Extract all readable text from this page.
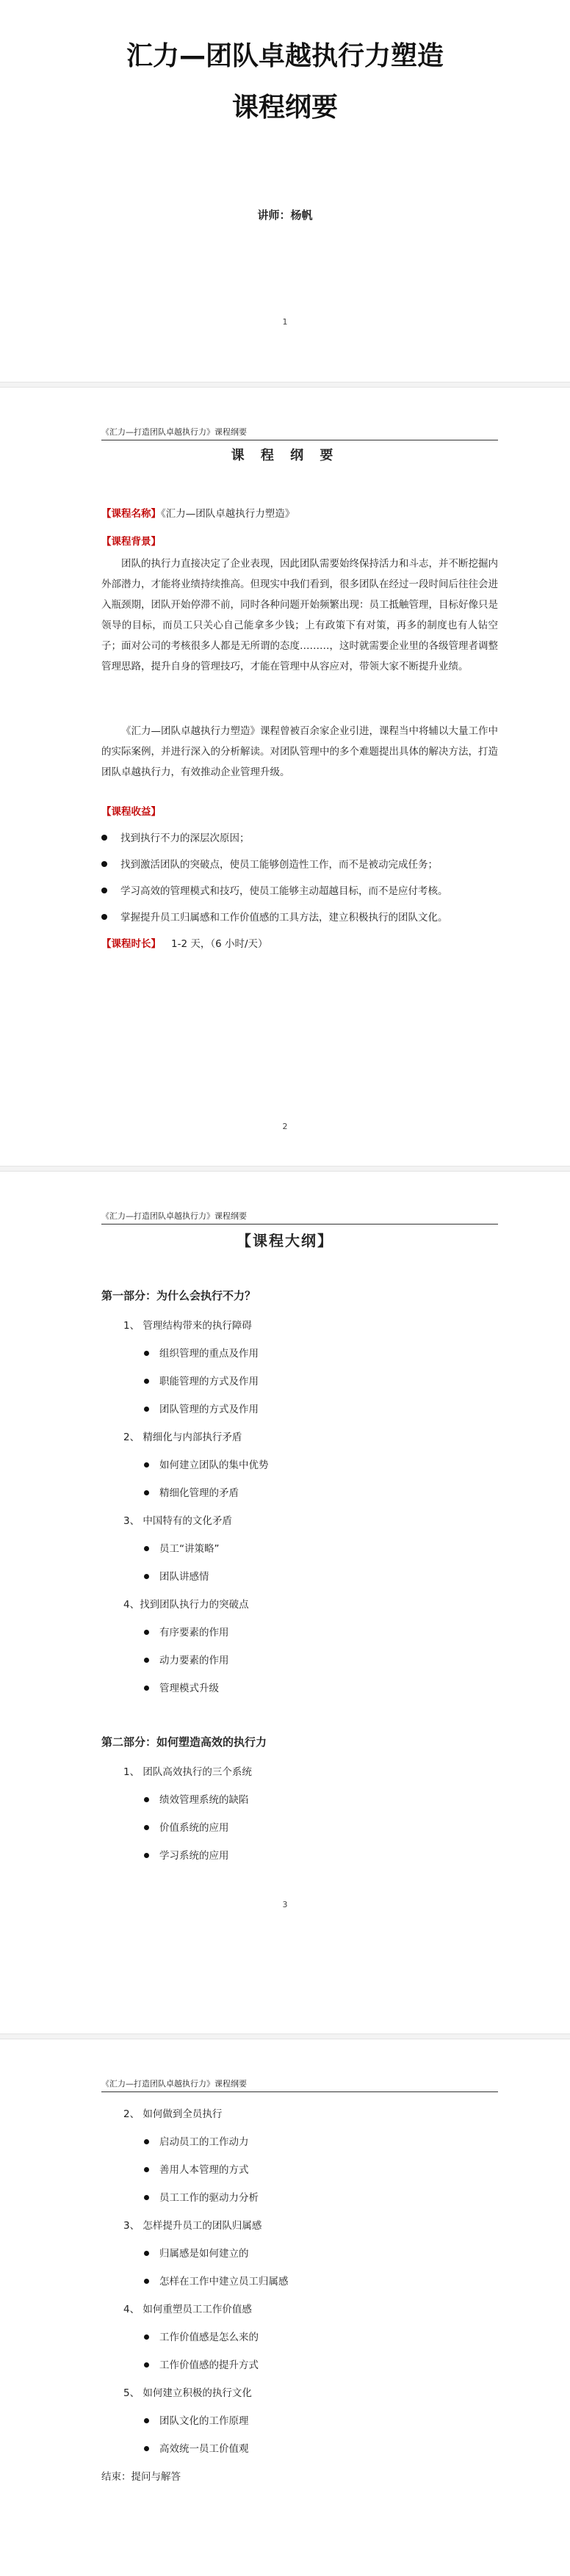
汇力—团队卓越执行力塑造
课程纲要
讲师：杨帆
1
《汇力—打造团队卓越执行力》课程纲要
课 程 纲 要
【课程名称】《汇力—团队卓越执行力塑造》
【课程背景】
团队的执行力直接决定了企业表现，因此团队需要始终保持活力和斗志，并不断挖掘内外部潜力，才能将业绩持续推高。但现实中我们看到，很多团队在经过一段时间后往往会进入瓶颈期，团队开始停滞不前，同时各种问题开始频繁出现：员工抵触管理，目标好像只是领导的目标，而员工只关心自己能拿多少钱；上有政策下有对策，再多的制度也有人钻空子；面对公司的考核很多人都是无所谓的态度………，这时就需要企业里的各级管理者调整管理思路，提升自身的管理技巧，才能在管理中从容应对，带领大家不断提升业绩。
《汇力—团队卓越执行力塑造》课程曾被百余家企业引进，课程当中将辅以大量工作中的实际案例，并进行深入的分析解读。对团队管理中的多个难题提出具体的解决方法，打造团队卓越执行力，有效推动企业管理升级。
【课程收益】
找到执行不力的深层次原因；
找到激活团队的突破点，使员工能够创造性工作，而不是被动完成任务；
学习高效的管理模式和技巧，使员工能够主动超越目标，而不是应付考核。
掌握提升员工归属感和工作价值感的工具方法，建立积极执行的团队文化。
【课程时长】 1-2 天，（6 小时/天）
2
《汇力—打造团队卓越执行力》课程纲要
【课程大纲】
第一部分：为什么会执行不力？
1、 管理结构带来的执行障碍
组织管理的重点及作用
职能管理的方式及作用
团队管理的方式及作用
2、 精细化与内部执行矛盾
如何建立团队的集中优势
精细化管理的矛盾
3、 中国特有的文化矛盾
员工“讲策略”
团队讲感情
4、找到团队执行力的突破点
有序要素的作用
动力要素的作用
管理模式升级
第二部分：如何塑造高效的执行力
1、 团队高效执行的三个系统
绩效管理系统的缺陷
价值系统的应用
学习系统的应用
3
《汇力—打造团队卓越执行力》课程纲要
2、 如何做到全员执行
启动员工的工作动力
善用人本管理的方式
员工工作的驱动力分析
3、 怎样提升员工的团队归属感
归属感是如何建立的
怎样在工作中建立员工归属感
4、 如何重塑员工工作价值感
工作价值感是怎么来的
工作价值感的提升方式
5、 如何建立积极的执行文化
团队文化的工作原理
高效统一员工价值观
结束：提问与解答
